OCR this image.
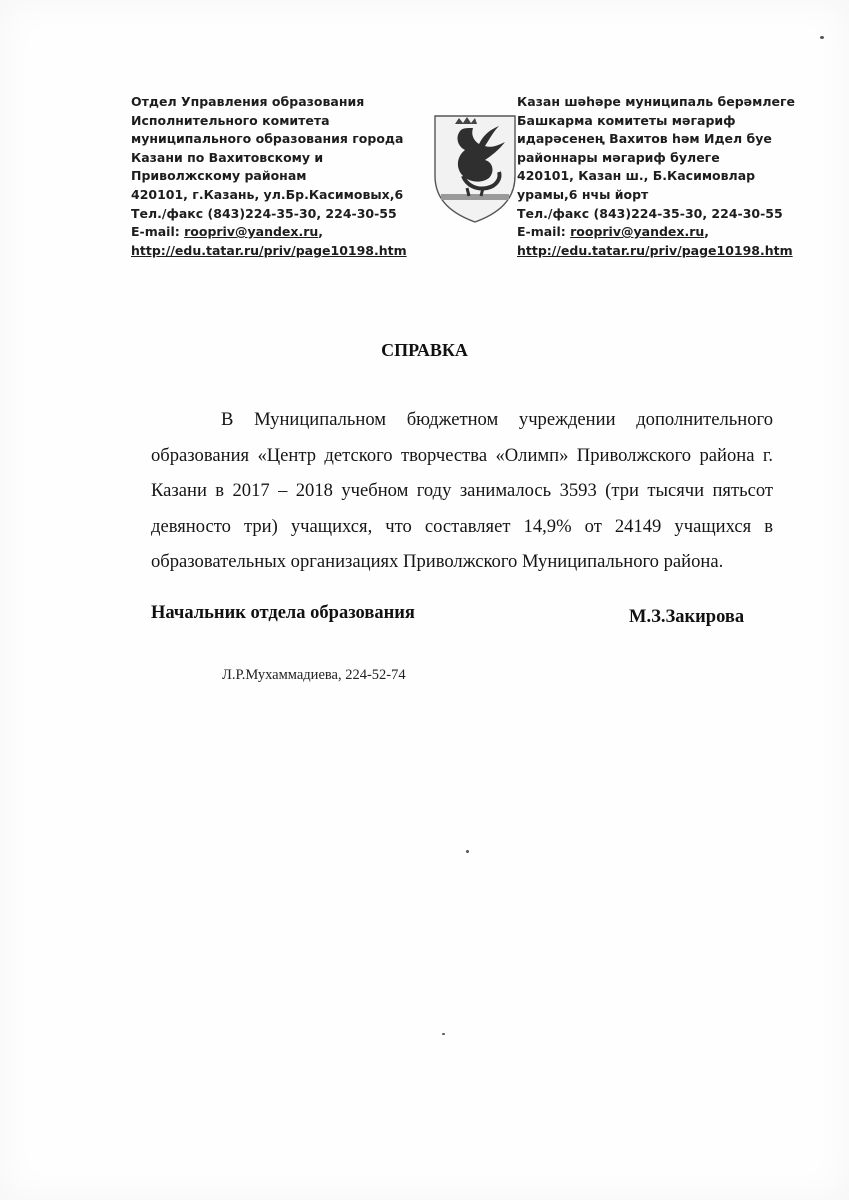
Отдел Управления образования
Исполнительного комитета
муниципального образования города
Казани по Вахитовскому и
Приволжскому районам
420101, г.Казань, ул.Бр.Касимовых,6
Тел./факс (843)224-35-30, 224-30-55
E-mail: roopriv@yandex.ru,
http://edu.tatar.ru/priv/page10198.htm
Казан шәһәре муниципаль берәмлеге
Башкарма комитеты мәгариф
идарәсенең Вахитов һәм Идел буе
районнары мәгариф булеге
420101, Казан ш., Б.Касимовлар
урамы,6 нчы йорт
Тел./факс (843)224-35-30, 224-30-55
E-mail: roopriv@yandex.ru,
http://edu.tatar.ru/priv/page10198.htm
СПРАВКА

В Муниципальном бюджетном учреждении дополнительного образования «Центр детского творчества «Олимп» Приволжского района г. Казани в 2017 – 2018 учебном году занималось 3593 (три тысячи пятьсот девяносто три) учащихся, что составляет 14,9% от 24149 учащихся в образовательных организациях Приволжского Муниципального района.

Начальник отдела образования	М.З.Закирова
Л.Р.Мухаммадиева, 224-52-74
